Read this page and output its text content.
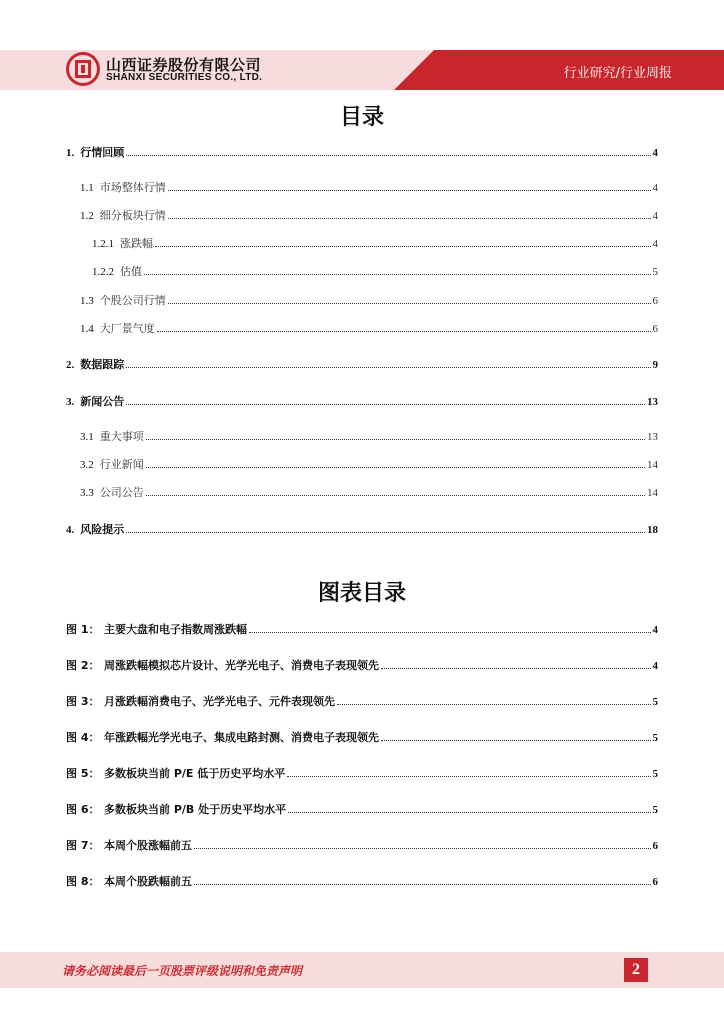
山西证券股份有限公司
SHANXI SECURITIES CO., LTD.	行业研究/行业周报
目录
1. 行情回顾	4
1.1 市场整体行情	4
1.2 细分板块行情	4
1.2.1 涨跌幅	4
1.2.2 估值	5
1.3 个股公司行情	6
1.4 大厂景气度	6
2. 数据跟踪	9
3. 新闻公告	13
3.1 重大事项	13
3.2 行业新闻	14
3.3 公司公告	14
4. 风险提示	18
图表目录
图 1： 主要大盘和电子指数周涨跌幅	4
图 2： 周涨跌幅模拟芯片设计、光学光电子、消费电子表现领先	4
图 3： 月涨跌幅消费电子、光学光电子、元件表现领先	5
图 4： 年涨跌幅光学光电子、集成电路封测、消费电子表现领先	5
图 5： 多数板块当前 P/E 低于历史平均水平	5
图 6： 多数板块当前 P/B 处于历史平均水平	5
图 7： 本周个股涨幅前五	6
图 8： 本周个股跌幅前五	6
请务必阅读最后一页股票评级说明和免责声明	2
